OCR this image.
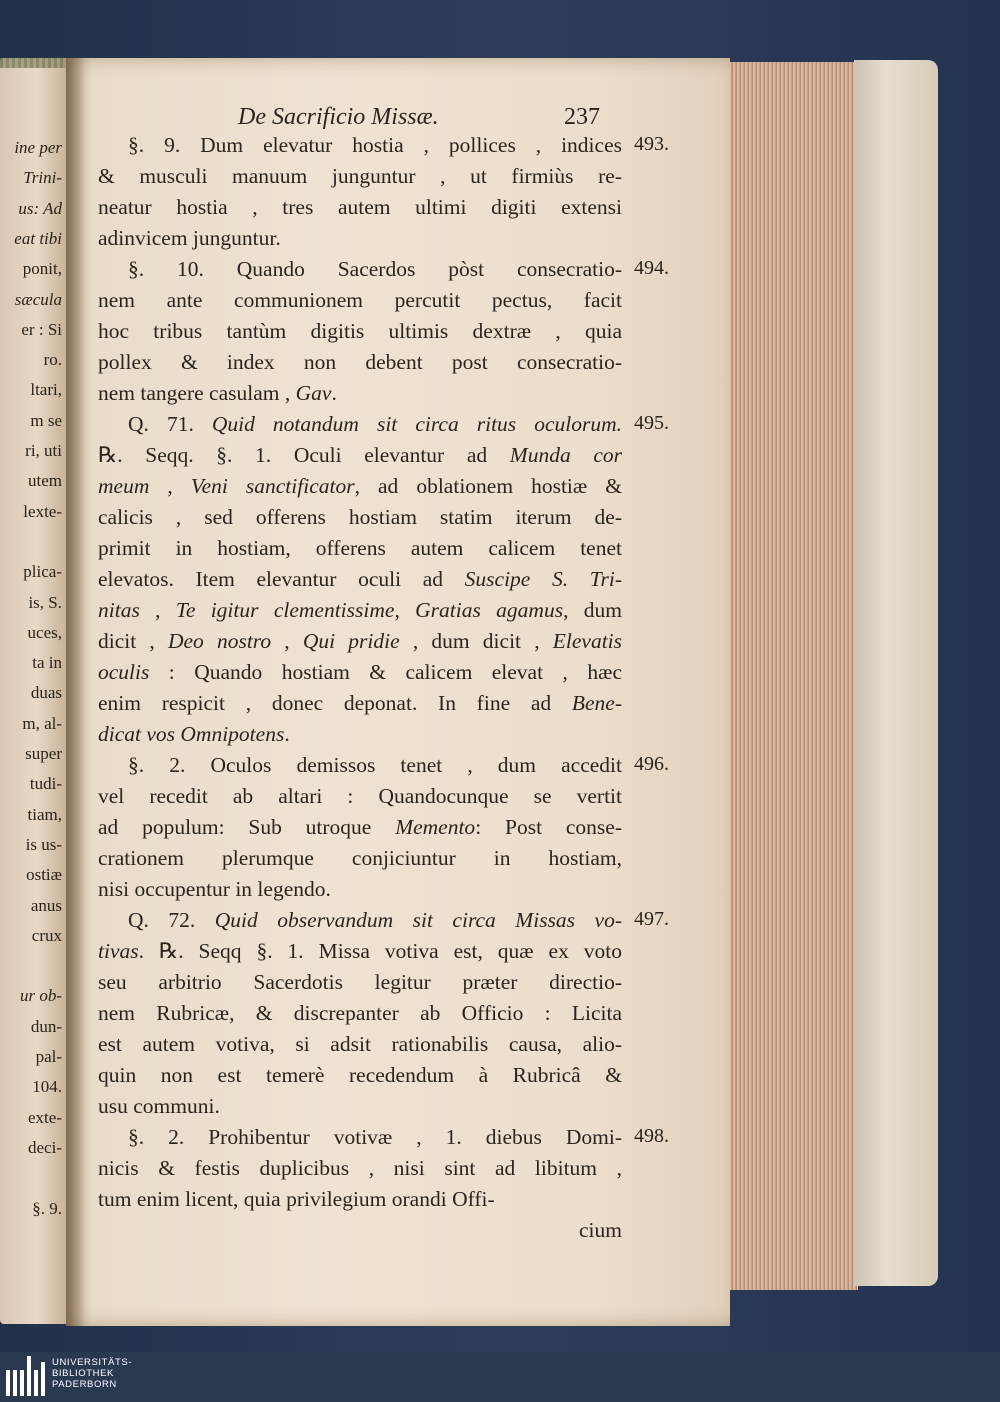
ine per
Trini-
us: Ad
eat tibi
ponit,
sæcula
er : Si
ro.
ltari,
m se
ri, uti
utem
lexte-
plica-
is, S.
uces,
ta in
duas
m, al-
super
tudi-
tiam,
is us-
ostiæ
anus
crux
ur ob-
dun-
pal-
104.
exte-
deci-
§. 9.
De Sacrificio Missæ.	237
§. 9. Dum elevatur hostia , pollices , indices
& musculi manuum junguntur , ut firmiùs re-
neatur hostia , tres autem ultimi digiti extensi
adinvicem junguntur.
§. 10. Quando Sacerdos pòst consecratio-
nem ante communionem percutit pectus, facit
hoc tribus tantùm digitis ultimis dextræ , quia
pollex & index non debent post consecratio-
nem tangere casulam , Gav.
Q. 71. Quid notandum sit circa ritus oculorum.
℞. Seqq. §. 1. Oculi elevantur ad Munda cor
meum , Veni sanctificator, ad oblationem hostiæ &
calicis , sed offerens hostiam statim iterum de-
primit in hostiam, offerens autem calicem tenet
elevatos. Item elevantur oculi ad Suscipe S. Tri-
nitas , Te igitur clementissime, Gratias agamus, dum
dicit , Deo nostro , Qui pridie , dum dicit , Elevatis
oculis : Quando hostiam & calicem elevat , hæc
enim respicit , donec deponat. In fine ad Bene-
dicat vos Omnipotens.
§. 2. Oculos demissos tenet , dum accedit
vel recedit ab altari : Quandocunque se vertit
ad populum: Sub utroque Memento: Post conse-
crationem plerumque conjiciuntur in hostiam,
nisi occupentur in legendo.
Q. 72. Quid observandum sit circa Missas vo-
tivas. ℞. Seqq §. 1. Missa votiva est, quæ ex voto
seu arbitrio Sacerdotis legitur præter directio-
nem Rubricæ, & discrepanter ab Officio : Licita
est autem votiva, si adsit rationabilis causa, alio-
quin non est temerè recedendum à Rubricâ &
usu communi.
§. 2. Prohibentur votivæ , 1. diebus Domi-
nicis & festis duplicibus , nisi sint ad libitum ,
tum enim licent, quia privilegium orandi Offi-
cium
493.
494.
495.
496.
497.
498.
UNIVERSITÄTS-
BIBLIOTHEK
PADERBORN
